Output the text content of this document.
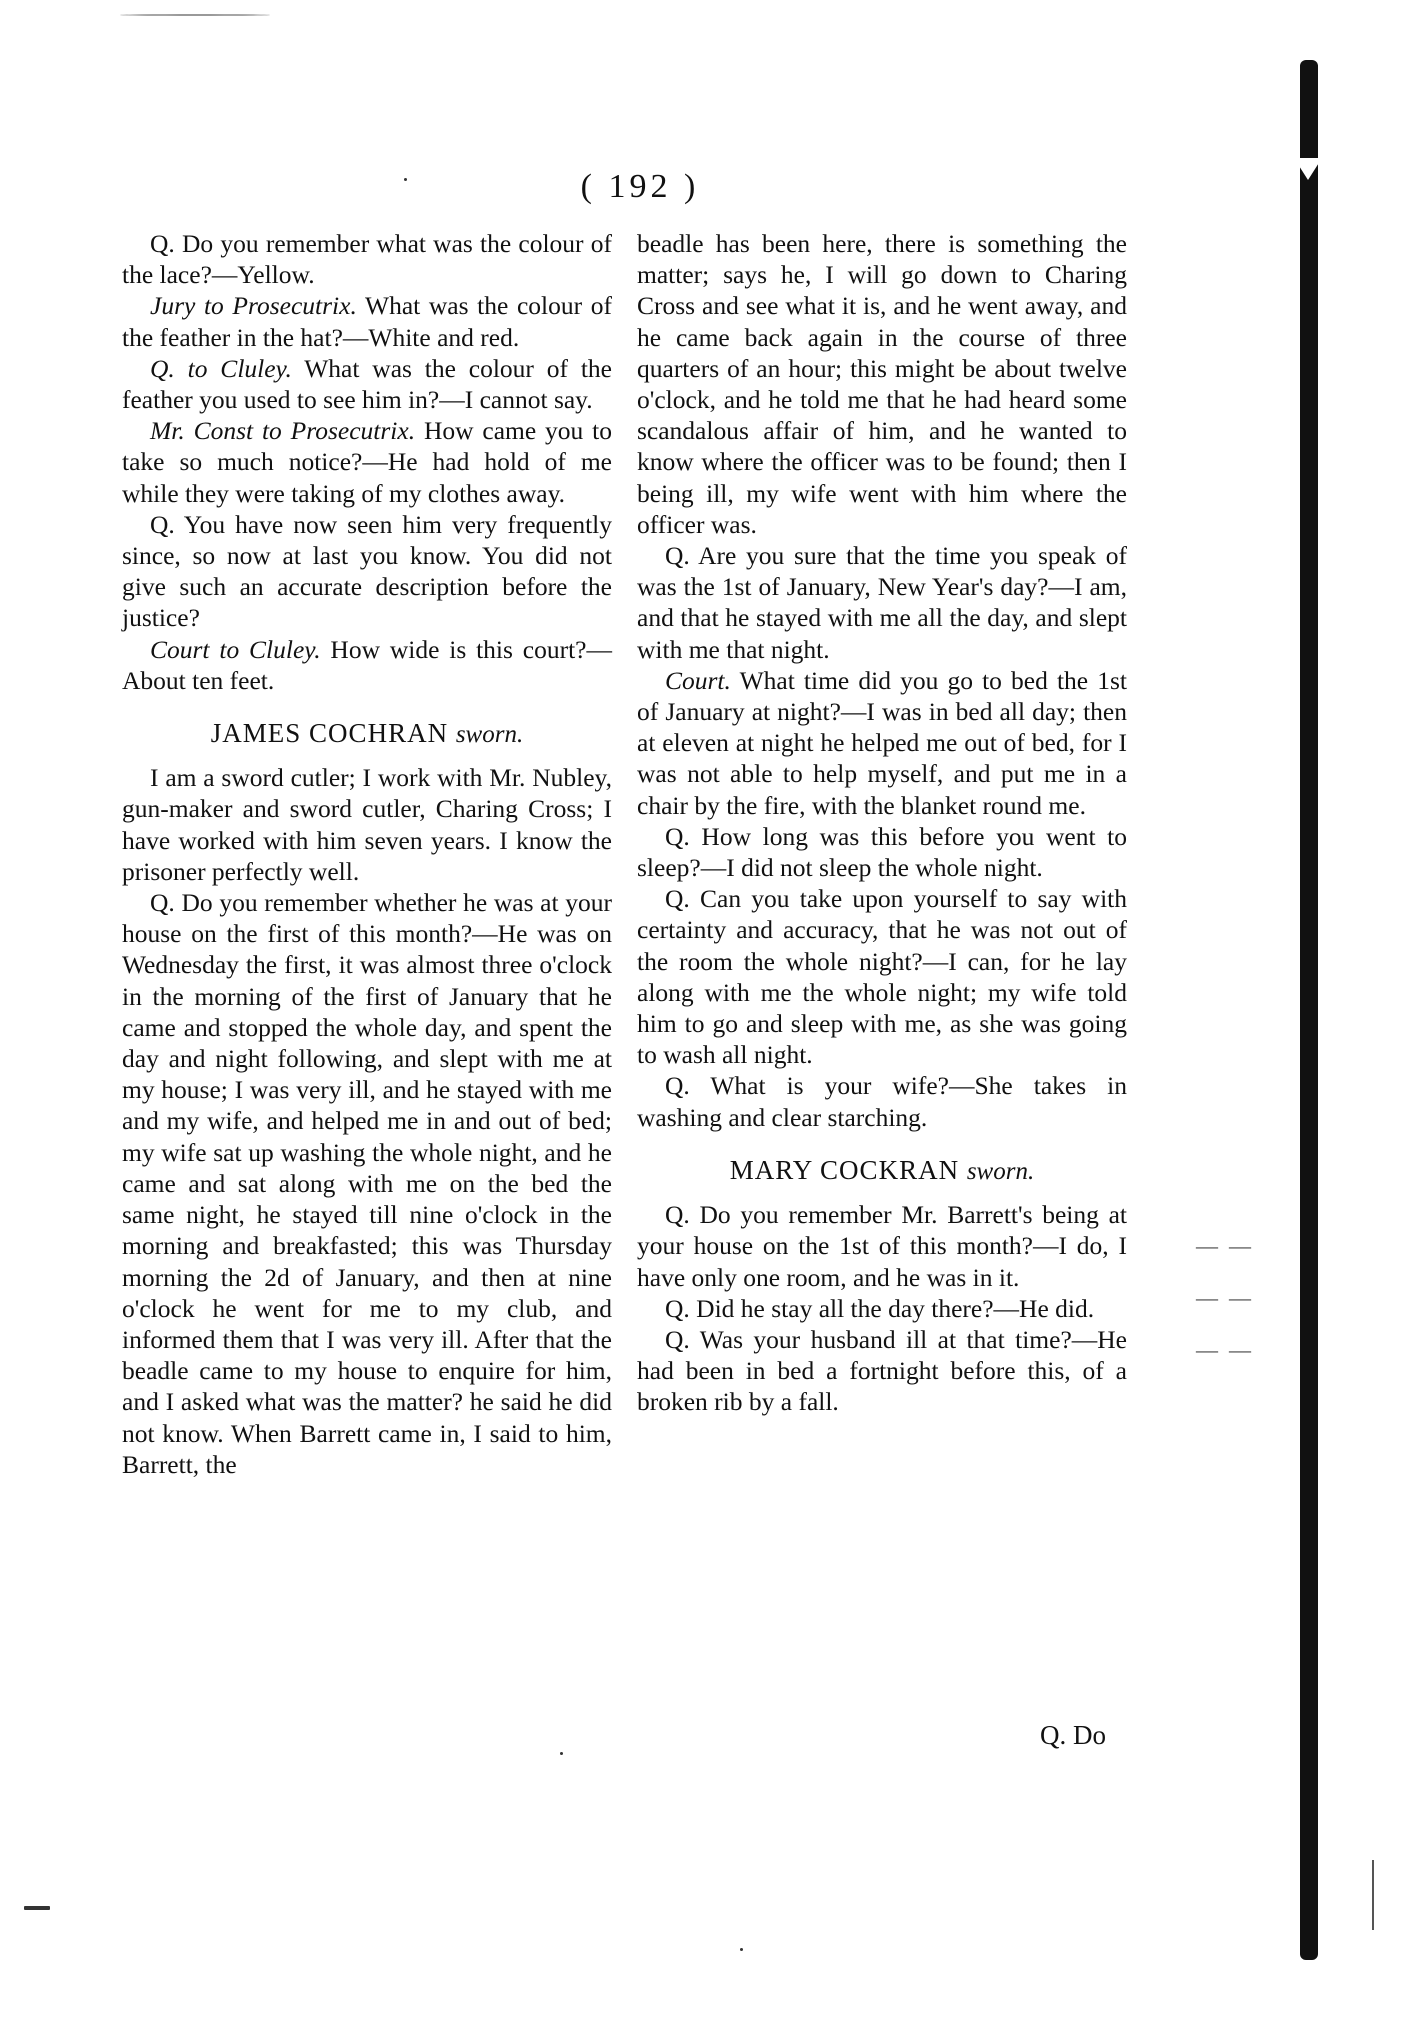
( 192 )

Q. Do you remember what was the colour of the lace?—Yellow.

Jury to Prosecutrix. What was the colour of the feather in the hat?—White and red.

Q. to Cluley. What was the colour of the feather you used to see him in?—I cannot say.

Mr. Const to Prosecutrix. How came you to take so much notice?—He had hold of me while they were taking of my clothes away.

Q. You have now seen him very frequently since, so now at last you know. You did not give such an accurate description before the justice?

Court to Cluley. How wide is this court?—About ten feet.

JAMES COCHRAN sworn.

I am a sword cutler; I work with Mr. Nubley, gun-maker and sword cutler, Charing Cross; I have worked with him seven years. I know the prisoner perfectly well.

Q. Do you remember whether he was at your house on the first of this month?—He was on Wednesday the first, it was almost three o'clock in the morning of the first of January that he came and stopped the whole day, and spent the day and night following, and slept with me at my house; I was very ill, and he stayed with me and my wife, and helped me in and out of bed; my wife sat up washing the whole night, and he came and sat along with me on the bed the same night, he stayed till nine o'clock in the morning and breakfasted; this was Thursday morning the 2d of January, and then at nine o'clock he went for me to my club, and informed them that I was very ill. After that the beadle came to my house to enquire for him, and I asked what was the matter? he said he did not know. When Barrett came in, I said to him, Barrett, the

beadle has been here, there is something the matter; says he, I will go down to Charing Cross and see what it is, and he went away, and he came back again in the course of three quarters of an hour; this might be about twelve o'clock, and he told me that he had heard some scandalous affair of him, and he wanted to know where the officer was to be found; then I being ill, my wife went with him where the officer was.

Q. Are you sure that the time you speak of was the 1st of January, New Year's day?—I am, and that he stayed with me all the day, and slept with me that night.

Court. What time did you go to bed the 1st of January at night?—I was in bed all day; then at eleven at night he helped me out of bed, for I was not able to help myself, and put me in a chair by the fire, with the blanket round me.

Q. How long was this before you went to sleep?—I did not sleep the whole night.

Q. Can you take upon yourself to say with certainty and accuracy, that he was not out of the room the whole night?—I can, for he lay along with me the whole night; my wife told him to go and sleep with me, as she was going to wash all night.

Q. What is your wife?—She takes in washing and clear starching.

MARY COCKRAN sworn.

Q. Do you remember Mr. Barrett's being at your house on the 1st of this month?—I do, I have only one room, and he was in it.

Q. Did he stay all the day there?—He did.

Q. Was your husband ill at that time?—He had been in bed a fortnight before this, of a broken rib by a fall.

Q. Do
—  —
—  —
—  —
